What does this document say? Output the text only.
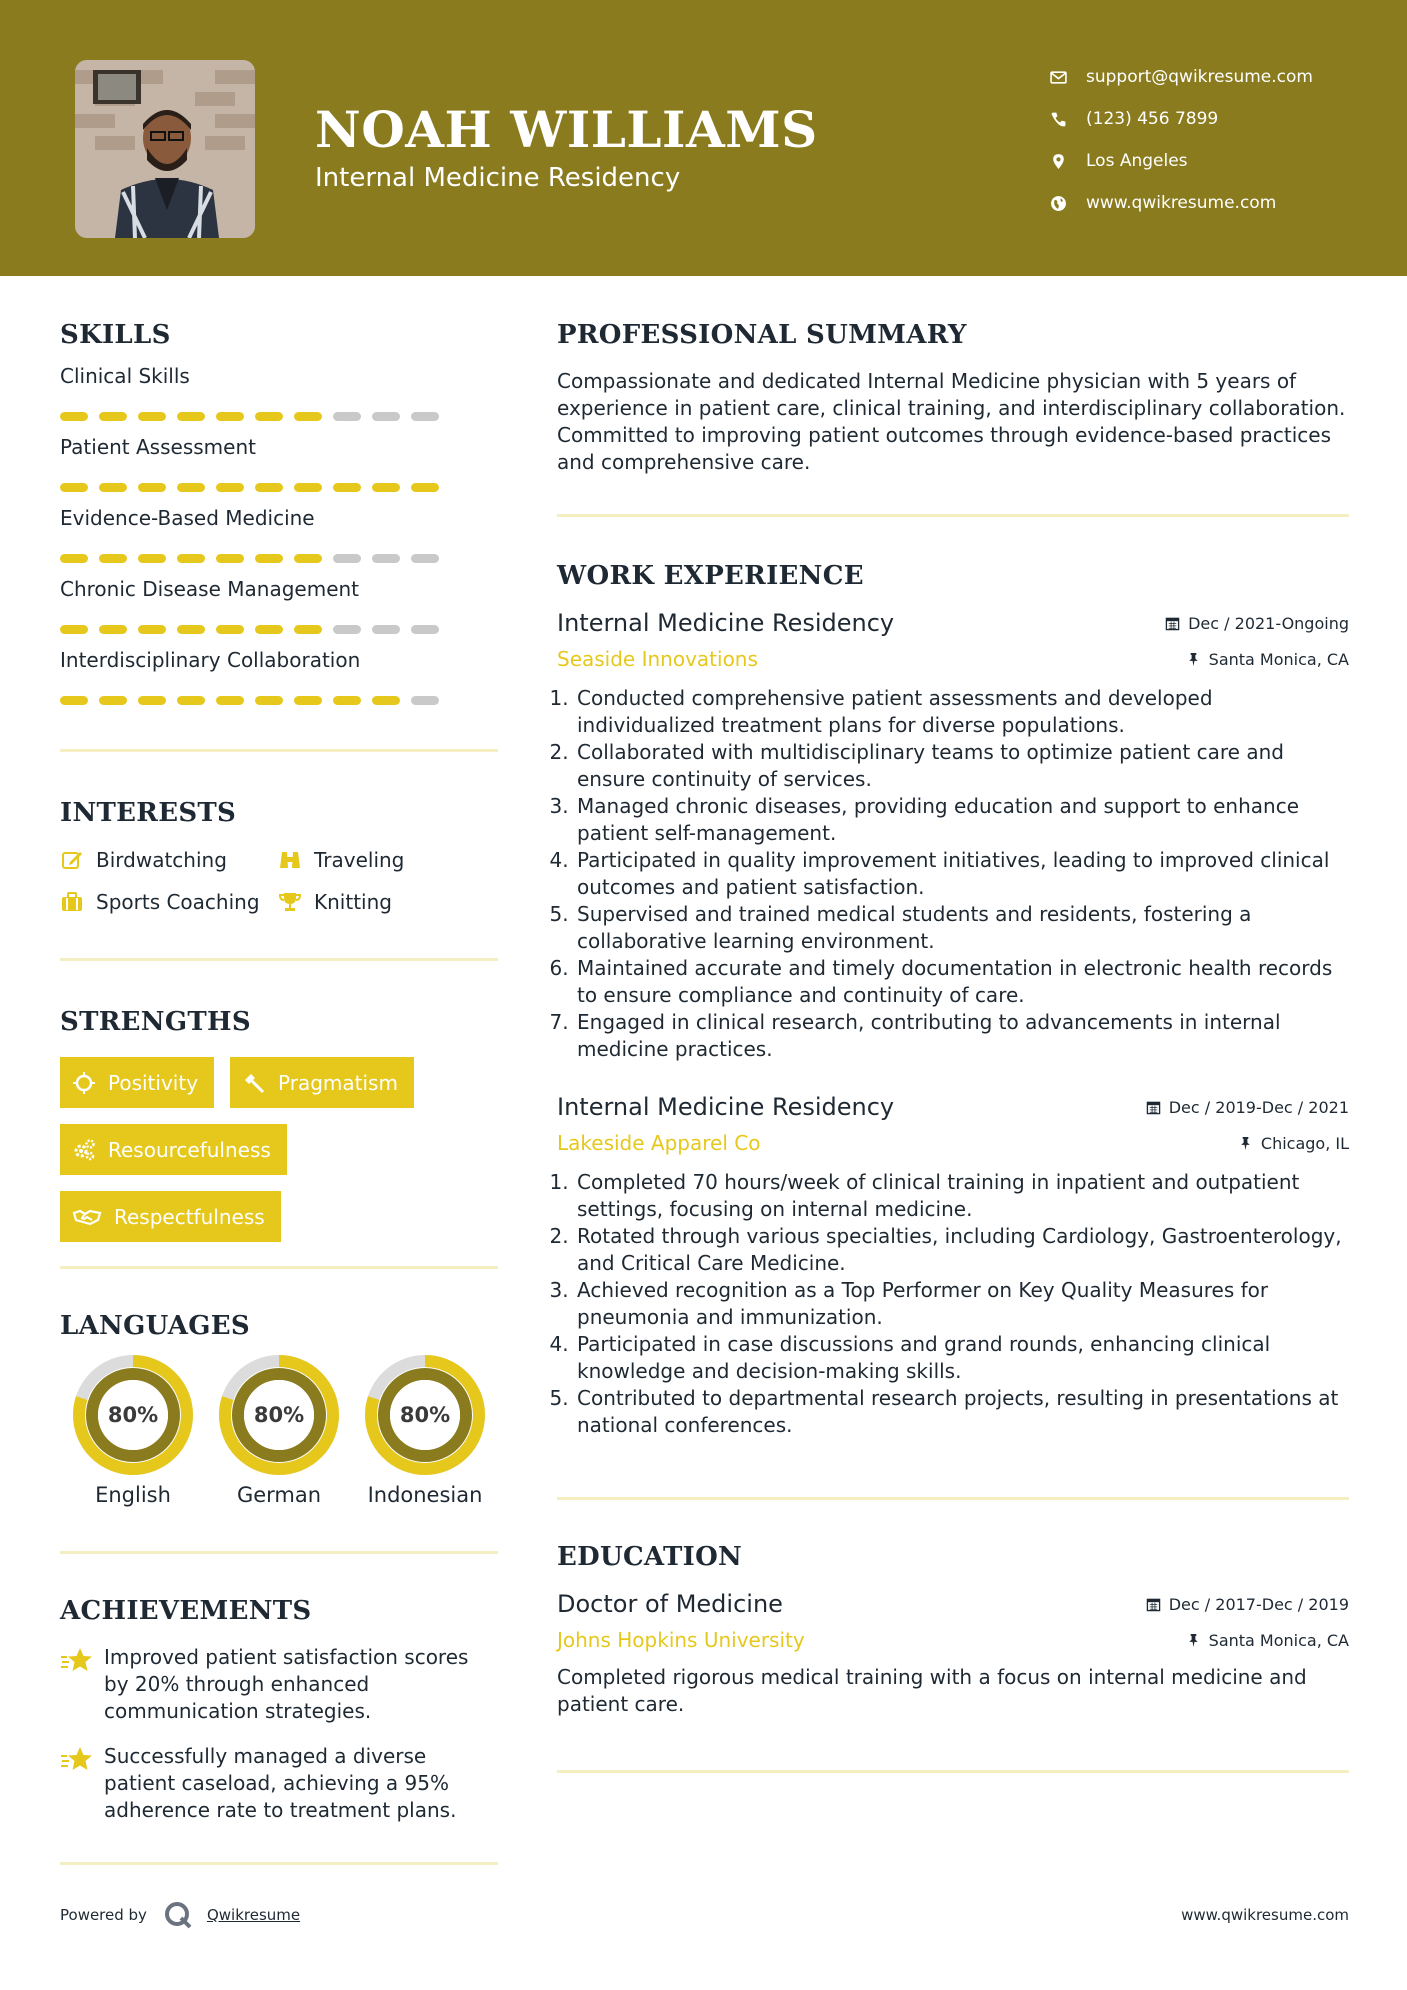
NOAH WILLIAMS
Internal Medicine Residency
support@qwikresume.com
(123) 456 7899
Los Angeles
www.qwikresume.com
SKILLS
Clinical Skills
Patient Assessment
Evidence-Based Medicine
Chronic Disease Management
Interdisciplinary Collaboration
INTERESTS
Birdwatching	Traveling
Sports Coaching	Knitting
STRENGTHS
Positivity	Pragmatism
Resourcefulness
Respectfulness
LANGUAGES
80%
English
80%
German
80%
Indonesian
ACHIEVEMENTS
Improved patient satisfaction scores by 20% through enhanced communication strategies.
Successfully managed a diverse patient caseload, achieving a 95% adherence rate to treatment plans.
Powered by	Qwikresume	www.qwikresume.com
PROFESSIONAL SUMMARY
Compassionate and dedicated Internal Medicine physician with 5 years of experience in patient care, clinical training, and interdisciplinary collaboration. Committed to improving patient outcomes through evidence-based practices and comprehensive care.
WORK EXPERIENCE
Internal Medicine Residency	Dec / 2021-Ongoing
Seaside Innovations	Santa Monica, CA
1. Conducted comprehensive patient assessments and developed individualized treatment plans for diverse populations.
2. Collaborated with multidisciplinary teams to optimize patient care and ensure continuity of services.
3. Managed chronic diseases, providing education and support to enhance patient self-management.
4. Participated in quality improvement initiatives, leading to improved clinical outcomes and patient satisfaction.
5. Supervised and trained medical students and residents, fostering a collaborative learning environment.
6. Maintained accurate and timely documentation in electronic health records to ensure compliance and continuity of care.
7. Engaged in clinical research, contributing to advancements in internal medicine practices.
Internal Medicine Residency	Dec / 2019-Dec / 2021
Lakeside Apparel Co	Chicago, IL
1. Completed 70 hours/week of clinical training in inpatient and outpatient settings, focusing on internal medicine.
2. Rotated through various specialties, including Cardiology, Gastroenterology, and Critical Care Medicine.
3. Achieved recognition as a Top Performer on Key Quality Measures for pneumonia and immunization.
4. Participated in case discussions and grand rounds, enhancing clinical knowledge and decision-making skills.
5. Contributed to departmental research projects, resulting in presentations at national conferences.
EDUCATION
Doctor of Medicine	Dec / 2017-Dec / 2019
Johns Hopkins University	Santa Monica, CA
Completed rigorous medical training with a focus on internal medicine and patient care.
